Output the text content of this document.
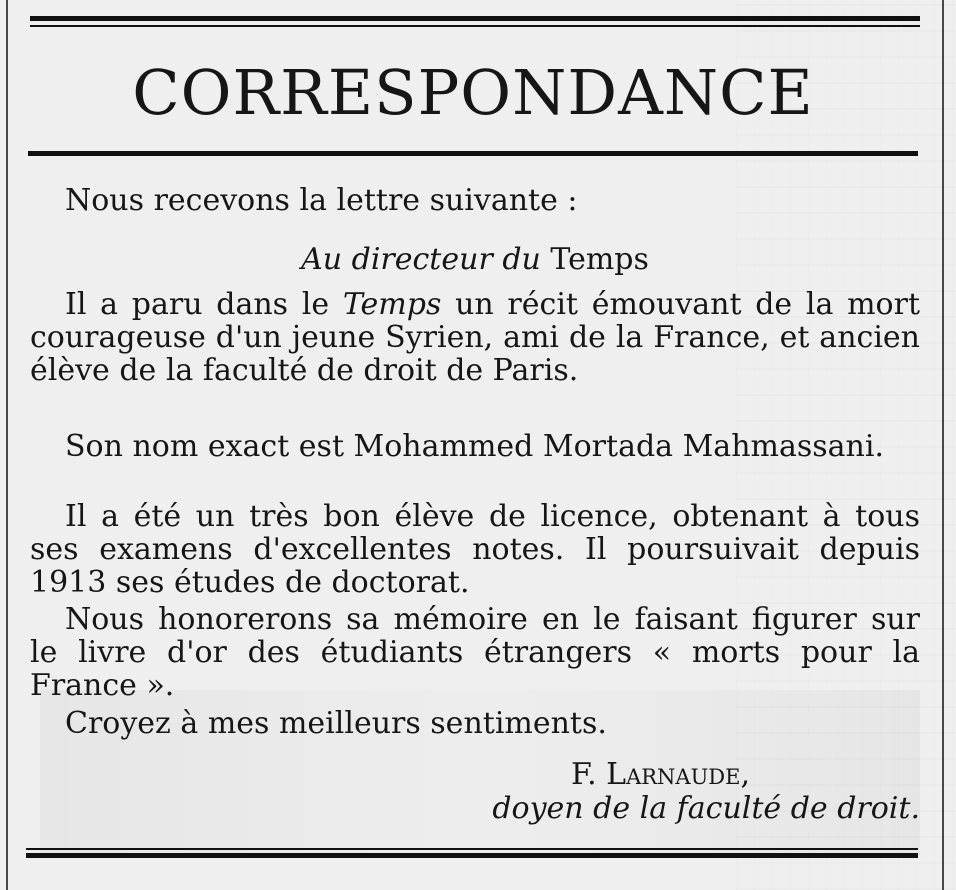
CORRESPONDANCE
Nous recevons la lettre suivante :
Au directeur du Temps
Il a paru dans le Temps un récit émouvant de la mort courageuse d'un jeune Syrien, ami de la France, et ancien élève de la faculté de droit de Paris.
Son nom exact est Mohammed Mortada Mahmassani.
Il a été un très bon élève de licence, obtenant à tous ses examens d'excellentes notes. Il poursuivait depuis 1913 ses études de doctorat.
Nous honorerons sa mémoire en le faisant figurer sur le livre d'or des étudiants étrangers « morts pour la France ».
Croyez à mes meilleurs sentiments.
F. Larnaude,
doyen de la faculté de droit.
